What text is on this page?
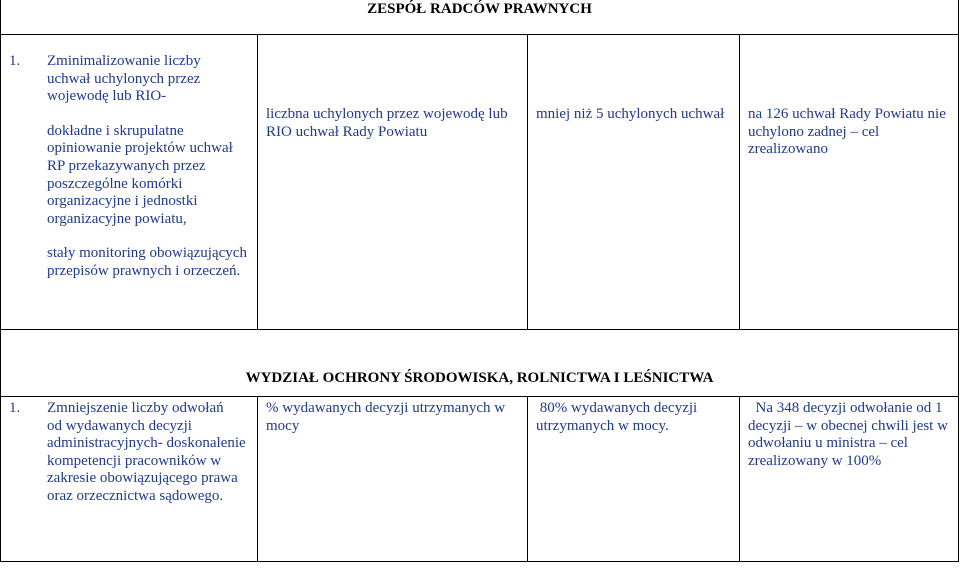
ZESPÓŁ RADCÓW PRAWNYCH			

1. Zminimalizowanie liczby
uchwał uchylonych przez wojewodę lub RIO-
dokładne i skrupulatne opiniowanie projektów uchwał RP przekazywanych przez poszczególne komórki organizacyjne i jednostki organizacyjne powiatu,
stały monitoring obowiązujących przepisów prawnych i orzeczeń.	liczbna uchylonych przez wojewodę lub RIO uchwał Rady Powiatu	mniej niż 5 uchylonych uchwał	na 126 uchwał Rady Powiatu nie uchylono zadnej – cel zrealizowano

WYDZIAŁ OCHRONY ŚRODOWISKA, ROLNICTWA I LEŚNICTWA			

1. Zmniejszenie liczby odwołań
od wydawanych decyzji administracyjnych- doskonalenie kompetencji pracowników w zakresie obowiązującego prawa oraz orzecznictwa sądowego.	% wydawanych decyzji utrzymanych w mocy	80% wydawanych decyzji utrzymanych w mocy.	Na 348 decyzji odwołanie od 1 decyzji – w obecnej chwili jest w odwołaniu u ministra – cel zrealizowany w 100%
